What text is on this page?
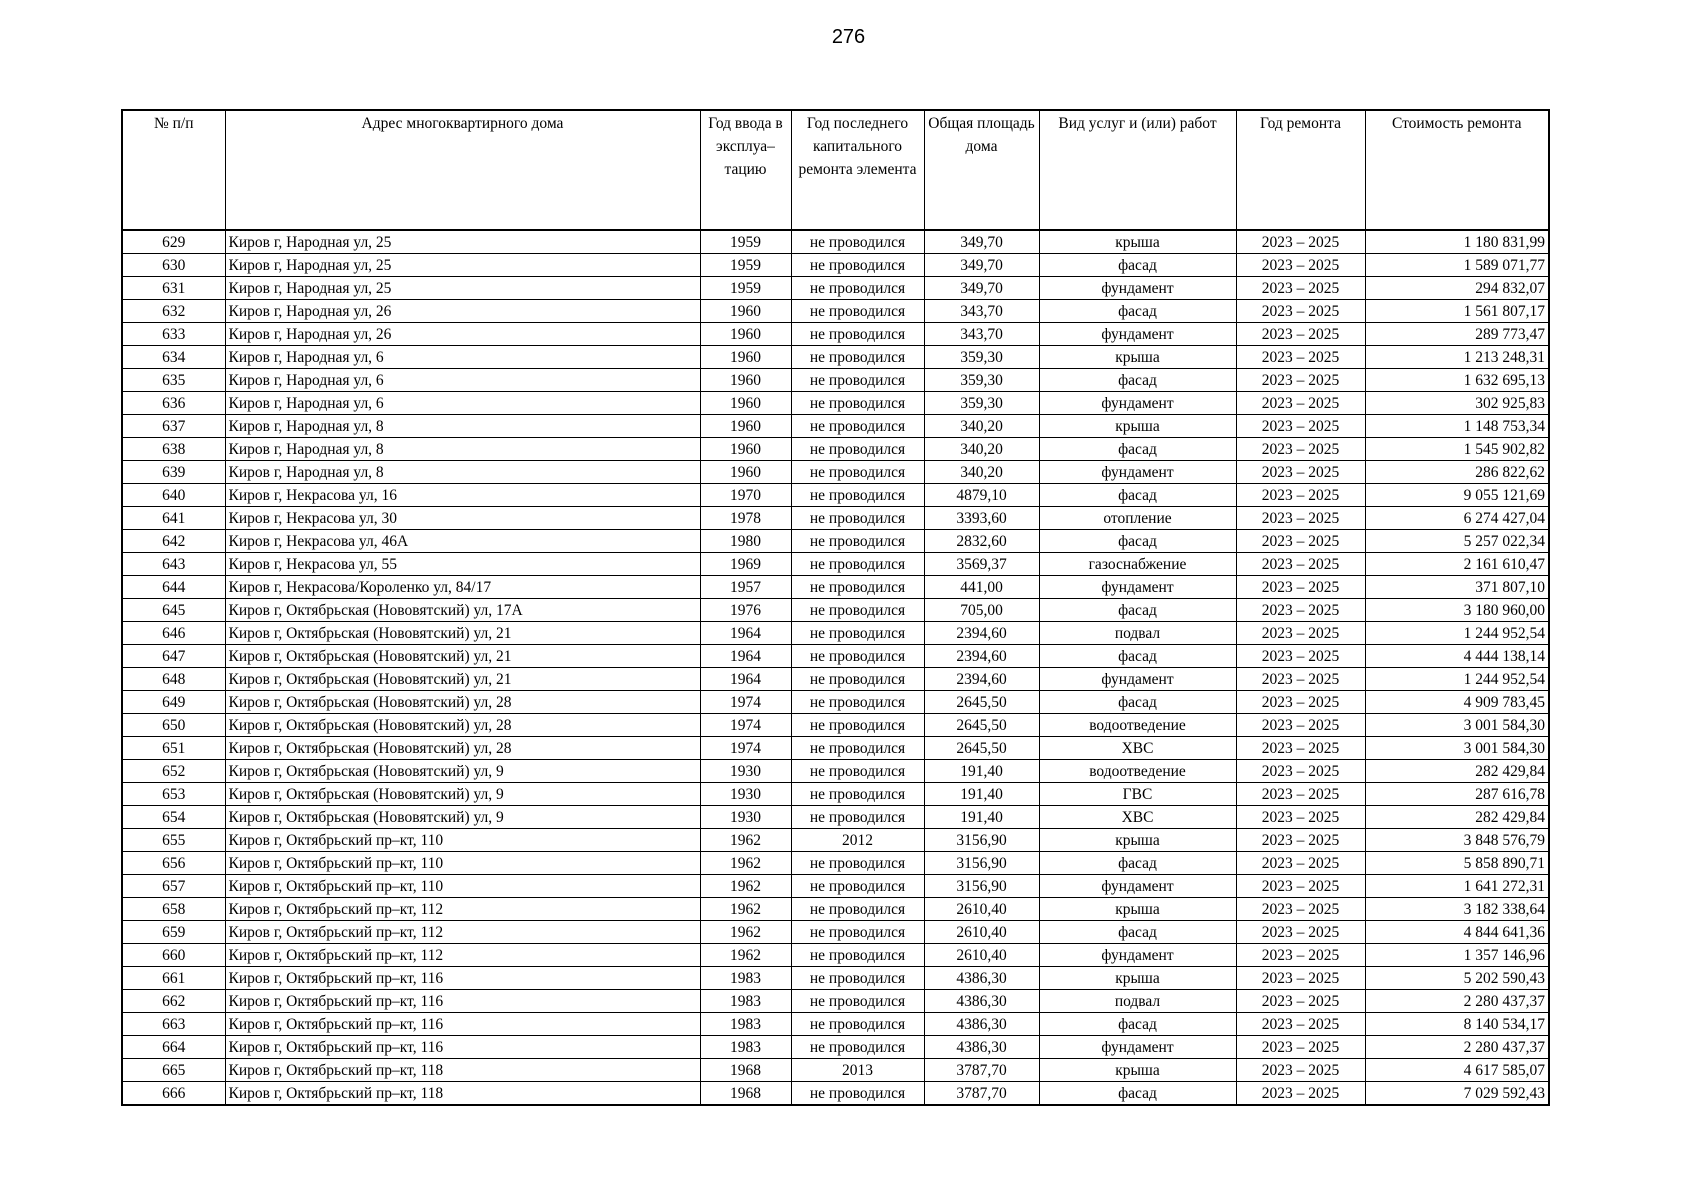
276
№ п/п	Адрес многоквартирного дома	Год ввода в эксплуа–тацию	Год последнего капитального ремонта элемента	Общая площадь дома	Вид услуг и (или) работ	Год ремонта	Стоимость ремонта
629	Киров г, Народная ул, 25	1959	не проводился	349,70	крыша	2023 – 2025	1 180 831,99
630	Киров г, Народная ул, 25	1959	не проводился	349,70	фасад	2023 – 2025	1 589 071,77
631	Киров г, Народная ул, 25	1959	не проводился	349,70	фундамент	2023 – 2025	294 832,07
632	Киров г, Народная ул, 26	1960	не проводился	343,70	фасад	2023 – 2025	1 561 807,17
633	Киров г, Народная ул, 26	1960	не проводился	343,70	фундамент	2023 – 2025	289 773,47
634	Киров г, Народная ул, 6	1960	не проводился	359,30	крыша	2023 – 2025	1 213 248,31
635	Киров г, Народная ул, 6	1960	не проводился	359,30	фасад	2023 – 2025	1 632 695,13
636	Киров г, Народная ул, 6	1960	не проводился	359,30	фундамент	2023 – 2025	302 925,83
637	Киров г, Народная ул, 8	1960	не проводился	340,20	крыша	2023 – 2025	1 148 753,34
638	Киров г, Народная ул, 8	1960	не проводился	340,20	фасад	2023 – 2025	1 545 902,82
639	Киров г, Народная ул, 8	1960	не проводился	340,20	фундамент	2023 – 2025	286 822,62
640	Киров г, Некрасова ул, 16	1970	не проводился	4879,10	фасад	2023 – 2025	9 055 121,69
641	Киров г, Некрасова ул, 30	1978	не проводился	3393,60	отопление	2023 – 2025	6 274 427,04
642	Киров г, Некрасова ул, 46А	1980	не проводился	2832,60	фасад	2023 – 2025	5 257 022,34
643	Киров г, Некрасова ул, 55	1969	не проводился	3569,37	газоснабжение	2023 – 2025	2 161 610,47
644	Киров г, Некрасова/Короленко ул, 84/17	1957	не проводился	441,00	фундамент	2023 – 2025	371 807,10
645	Киров г, Октябрьская (Нововятский) ул, 17А	1976	не проводился	705,00	фасад	2023 – 2025	3 180 960,00
646	Киров г, Октябрьская (Нововятский) ул, 21	1964	не проводился	2394,60	подвал	2023 – 2025	1 244 952,54
647	Киров г, Октябрьская (Нововятский) ул, 21	1964	не проводился	2394,60	фасад	2023 – 2025	4 444 138,14
648	Киров г, Октябрьская (Нововятский) ул, 21	1964	не проводился	2394,60	фундамент	2023 – 2025	1 244 952,54
649	Киров г, Октябрьская (Нововятский) ул, 28	1974	не проводился	2645,50	фасад	2023 – 2025	4 909 783,45
650	Киров г, Октябрьская (Нововятский) ул, 28	1974	не проводился	2645,50	водоотведение	2023 – 2025	3 001 584,30
651	Киров г, Октябрьская (Нововятский) ул, 28	1974	не проводился	2645,50	ХВС	2023 – 2025	3 001 584,30
652	Киров г, Октябрьская (Нововятский) ул, 9	1930	не проводился	191,40	водоотведение	2023 – 2025	282 429,84
653	Киров г, Октябрьская (Нововятский) ул, 9	1930	не проводился	191,40	ГВС	2023 – 2025	287 616,78
654	Киров г, Октябрьская (Нововятский) ул, 9	1930	не проводился	191,40	ХВС	2023 – 2025	282 429,84
655	Киров г, Октябрьский пр–кт, 110	1962	2012	3156,90	крыша	2023 – 2025	3 848 576,79
656	Киров г, Октябрьский пр–кт, 110	1962	не проводился	3156,90	фасад	2023 – 2025	5 858 890,71
657	Киров г, Октябрьский пр–кт, 110	1962	не проводился	3156,90	фундамент	2023 – 2025	1 641 272,31
658	Киров г, Октябрьский пр–кт, 112	1962	не проводился	2610,40	крыша	2023 – 2025	3 182 338,64
659	Киров г, Октябрьский пр–кт, 112	1962	не проводился	2610,40	фасад	2023 – 2025	4 844 641,36
660	Киров г, Октябрьский пр–кт, 112	1962	не проводился	2610,40	фундамент	2023 – 2025	1 357 146,96
661	Киров г, Октябрьский пр–кт, 116	1983	не проводился	4386,30	крыша	2023 – 2025	5 202 590,43
662	Киров г, Октябрьский пр–кт, 116	1983	не проводился	4386,30	подвал	2023 – 2025	2 280 437,37
663	Киров г, Октябрьский пр–кт, 116	1983	не проводился	4386,30	фасад	2023 – 2025	8 140 534,17
664	Киров г, Октябрьский пр–кт, 116	1983	не проводился	4386,30	фундамент	2023 – 2025	2 280 437,37
665	Киров г, Октябрьский пр–кт, 118	1968	2013	3787,70	крыша	2023 – 2025	4 617 585,07
666	Киров г, Октябрьский пр–кт, 118	1968	не проводился	3787,70	фасад	2023 – 2025	7 029 592,43
